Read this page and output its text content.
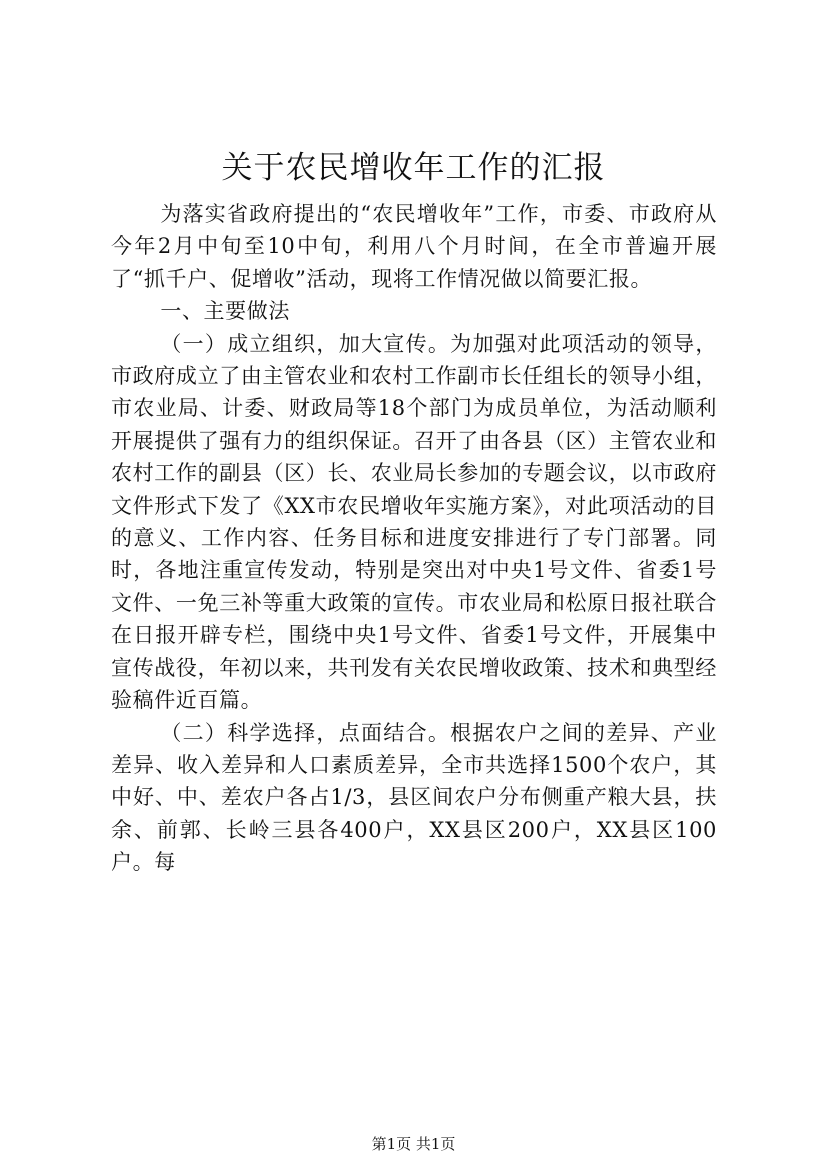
关于农民增收年工作的汇报

为落实省政府提出的“农民增收年”工作，市委、市政府从今年2月中旬至10中旬，利用八个月时间，在全市普遍开展了“抓千户、促增收”活动，现将工作情况做以简要汇报。

一、主要做法

（一）成立组织，加大宣传。为加强对此项活动的领导，市政府成立了由主管农业和农村工作副市长任组长的领导小组，市农业局、计委、财政局等18个部门为成员单位，为活动顺利开展提供了强有力的组织保证。召开了由各县（区）主管农业和农村工作的副县（区）长、农业局长参加的专题会议，以市政府文件形式下发了《XX市农民增收年实施方案》，对此项活动的目的意义、工作内容、任务目标和进度安排进行了专门部署。同时，各地注重宣传发动，特别是突出对中央1号文件、省委1号文件、一免三补等重大政策的宣传。市农业局和松原日报社联合在日报开辟专栏，围绕中央1号文件、省委1号文件，开展集中宣传战役，年初以来，共刊发有关农民增收政策、技术和典型经验稿件近百篇。

（二）科学选择，点面结合。根据农户之间的差异、产业差异、收入差异和人口素质差异，全市共选择1500个农户，其中好、中、差农户各占1/3，县区间农户分布侧重产粮大县，扶余、前郭、长岭三县各400户，XX县区200户，XX县区100户。每

第1页 共1页
